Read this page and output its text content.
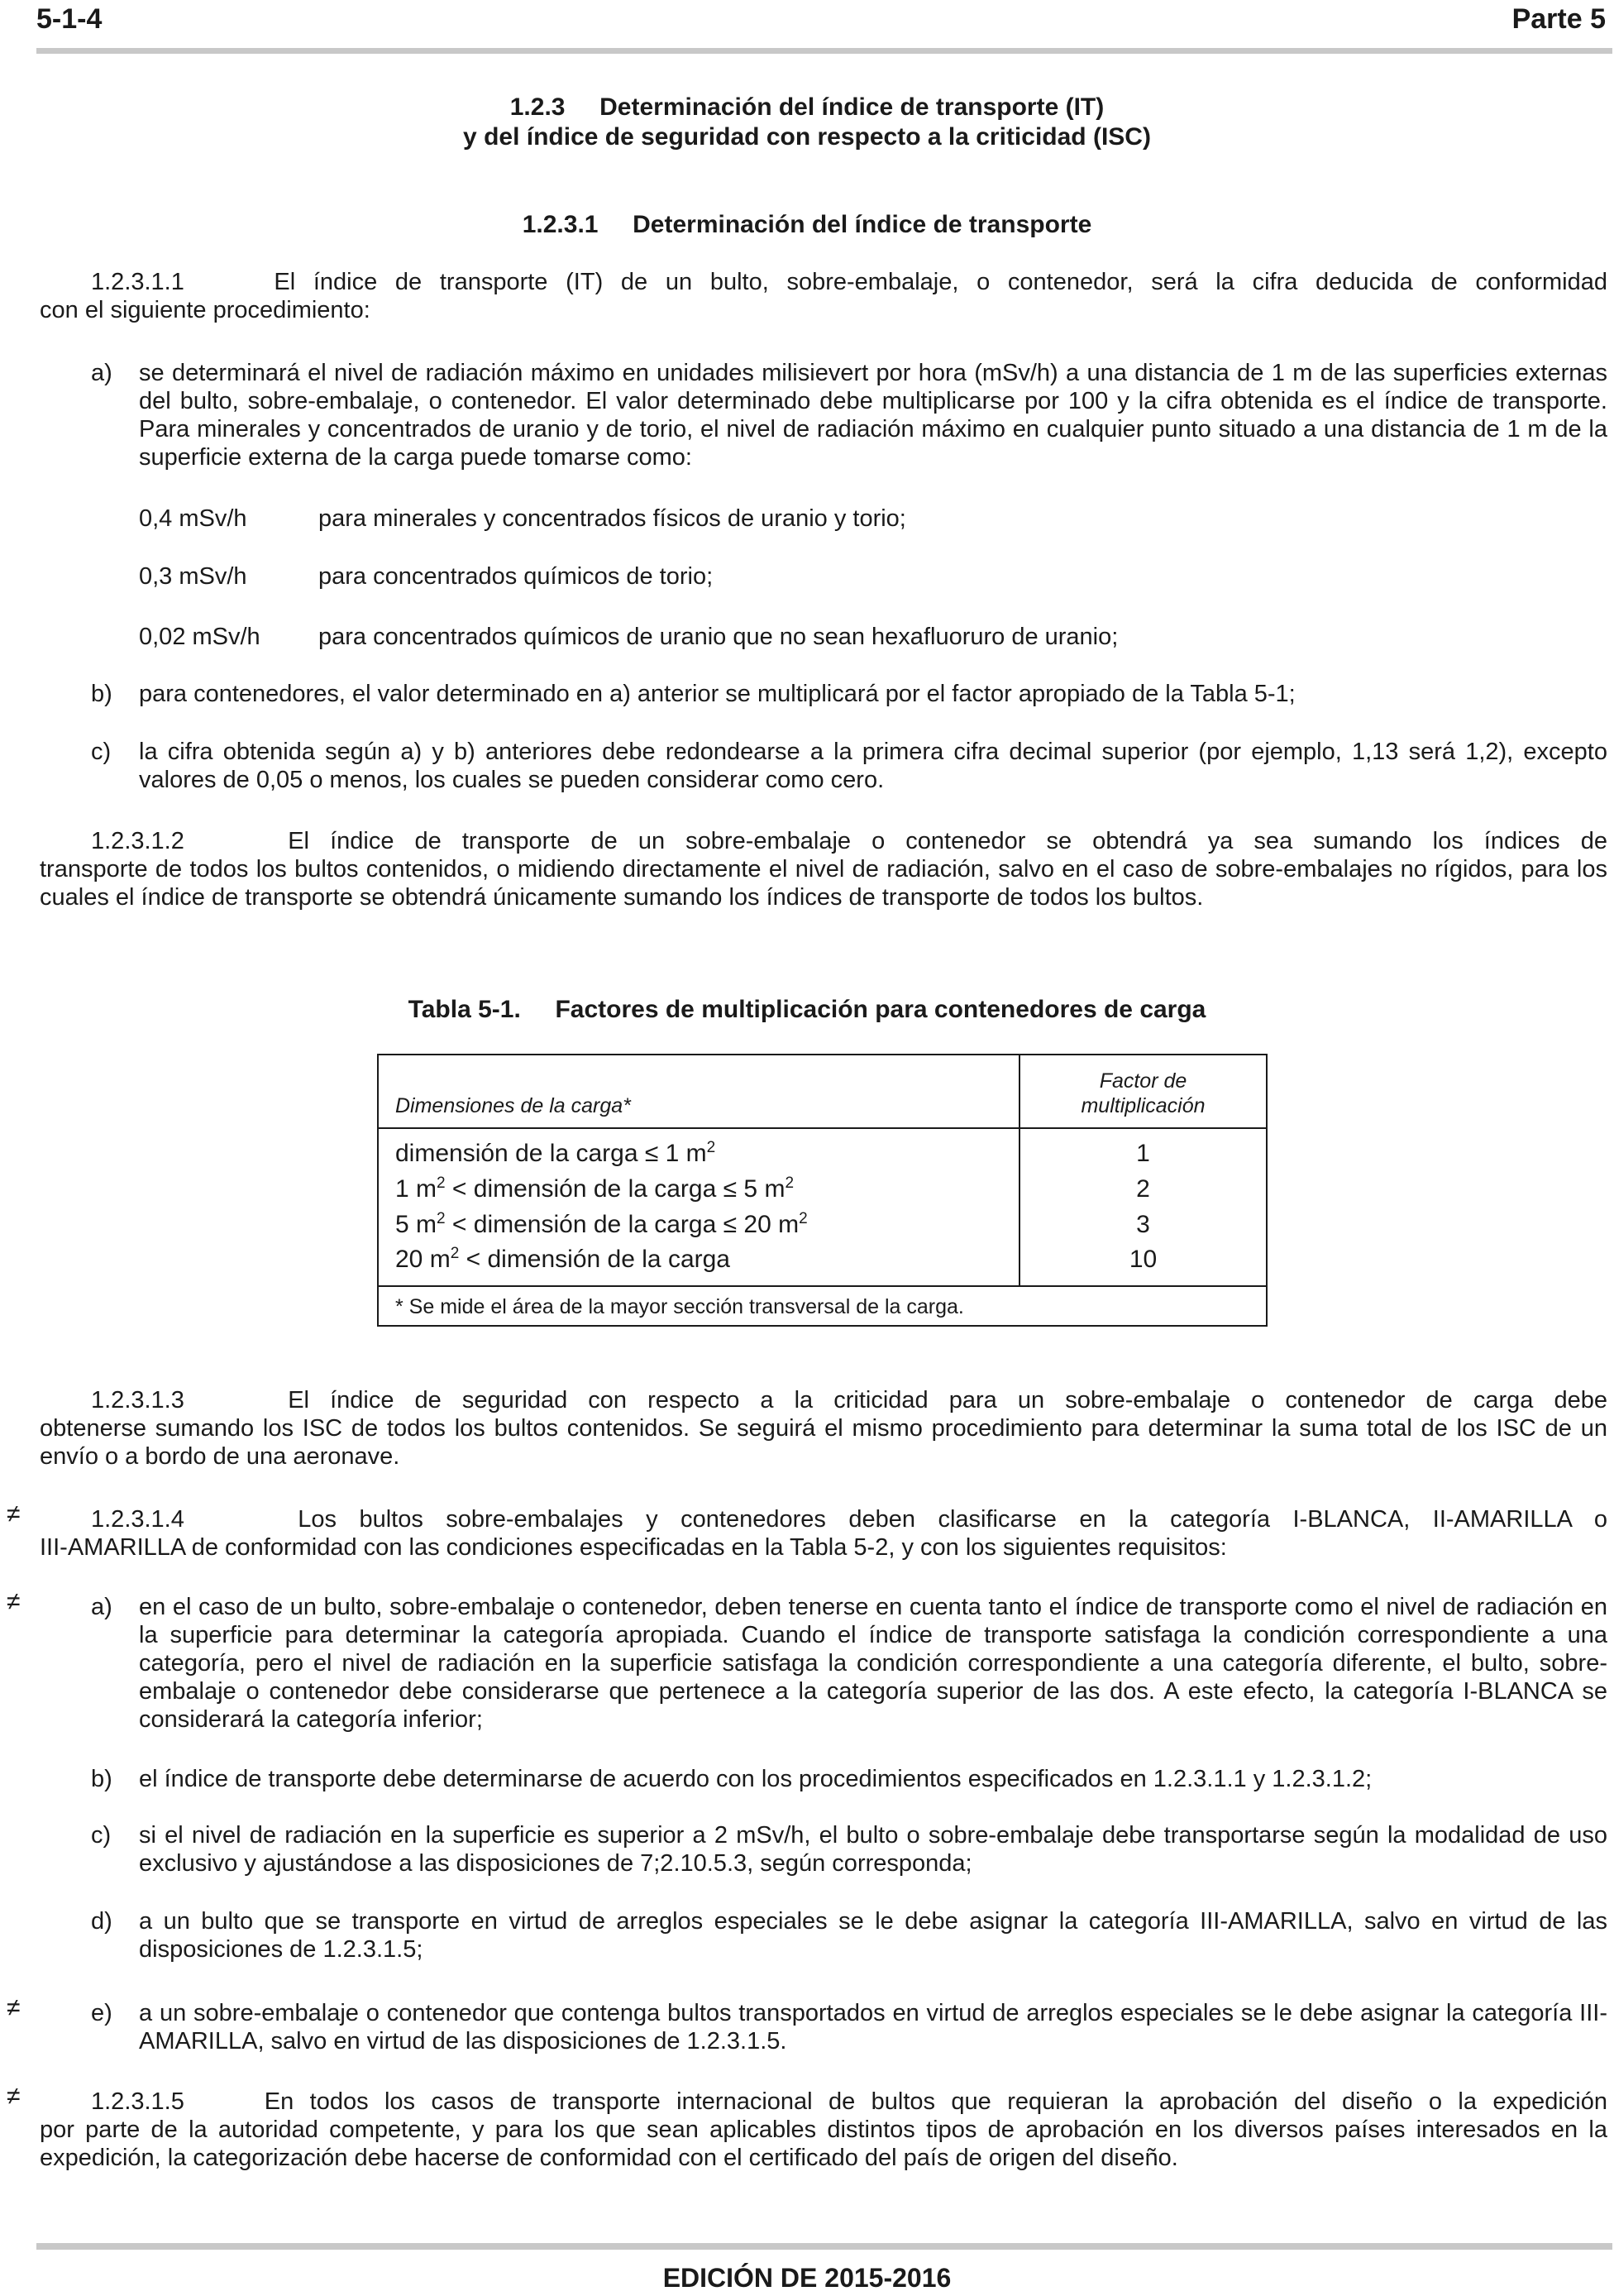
5-1-4	Parte 5
1.2.3     Determinación del índice de transporte (IT)
y del índice de seguridad con respecto a la criticidad (ISC)
1.2.3.1     Determinación del índice de transporte
1.2.3.1.1     El índice de transporte (IT) de un bulto, sobre-embalaje, o contenedor, será la cifra deducida de conformidad
con el siguiente procedimiento:
a) se determinará el nivel de radiación máximo en unidades milisievert por hora (mSv/h) a una distancia de 1 m de las superficies externas del bulto, sobre-embalaje, o contenedor. El valor determinado debe multiplicarse por 100 y la cifra obtenida es el índice de transporte. Para minerales y concentrados de uranio y de torio, el nivel de radiación máximo en cualquier punto situado a una distancia de 1 m de la superficie externa de la carga puede tomarse como:
0,4 mSv/h	para minerales y concentrados físicos de uranio y torio;
0,3 mSv/h	para concentrados químicos de torio;
0,02 mSv/h para concentrados químicos de uranio que no sean hexafluoruro de uranio;
b) para contenedores, el valor determinado en a) anterior se multiplicará por el factor apropiado de la Tabla 5-1;
c) la cifra obtenida según a) y b) anteriores debe redondearse a la primera cifra decimal superior (por ejemplo, 1,13 será 1,2), excepto valores de 0,05 o menos, los cuales se pueden considerar como cero.
1.2.3.1.2     El índice de transporte de un sobre-embalaje o contenedor se obtendrá ya sea sumando los índices de
transporte de todos los bultos contenidos, o midiendo directamente el nivel de radiación, salvo en el caso de sobre-embalajes no rígidos, para los cuales el índice de transporte se obtendrá únicamente sumando los índices de transporte de todos los bultos.
Tabla 5-1.     Factores de multiplicación para contenedores de carga
Dimensiones de la carga*
Factor de
multiplicación
dimensión de la carga ≤ 1 $m^2$	1
1 $m^2$ < dimensión de la carga ≤ 5 $m^2$	2
5 $m^2$ < dimensión de la carga ≤ 20 $m^2$	3
20 $m^2$ < dimensión de la carga	10
* Se mide el área de la mayor sección transversal de la carga.
1.2.3.1.3     El índice de seguridad con respecto a la criticidad para un sobre-embalaje o contenedor de carga debe
obtenerse sumando los ISC de todos los bultos contenidos. Se seguirá el mismo procedimiento para determinar la suma total de los ISC de un envío o a bordo de una aeronave.
≠	1.2.3.1.4     Los bultos sobre-embalajes y contenedores deben clasificarse en la categoría I-BLANCA, II-AMARILLA o
III-AMARILLA de conformidad con las condiciones especificadas en la Tabla 5-2, y con los siguientes requisitos:
≠	a) en el caso de un bulto, sobre-embalaje o contenedor, deben tenerse en cuenta tanto el índice de transporte como el nivel de radiación en la superficie para determinar la categoría apropiada. Cuando el índice de transporte satisfaga la condición correspondiente a una categoría, pero el nivel de radiación en la superficie satisfaga la condición correspondiente a una categoría diferente, el bulto, sobre-embalaje o contenedor debe considerarse que pertenece a la categoría superior de las dos. A este efecto, la categoría I-BLANCA se considerará la categoría inferior;
b) el índice de transporte debe determinarse de acuerdo con los procedimientos especificados en 1.2.3.1.1 y 1.2.3.1.2;
c) si el nivel de radiación en la superficie es superior a 2 mSv/h, el bulto o sobre-embalaje debe transportarse según la modalidad de uso exclusivo y ajustándose a las disposiciones de 7;2.10.5.3, según corresponda;
d) a un bulto que se transporte en virtud de arreglos especiales se le debe asignar la categoría III-AMARILLA, salvo en virtud de las disposiciones de 1.2.3.1.5;
≠	e) a un sobre-embalaje o contenedor que contenga bultos transportados en virtud de arreglos especiales se le debe asignar la categoría III-AMARILLA, salvo en virtud de las disposiciones de 1.2.3.1.5.
≠	1.2.3.1.5     En todos los casos de transporte internacional de bultos que requieran la aprobación del diseño o la expedición
por parte de la autoridad competente, y para los que sean aplicables distintos tipos de aprobación en los diversos países interesados en la expedición, la categorización debe hacerse de conformidad con el certificado del país de origen del diseño.
EDICIÓN DE 2015-2016
